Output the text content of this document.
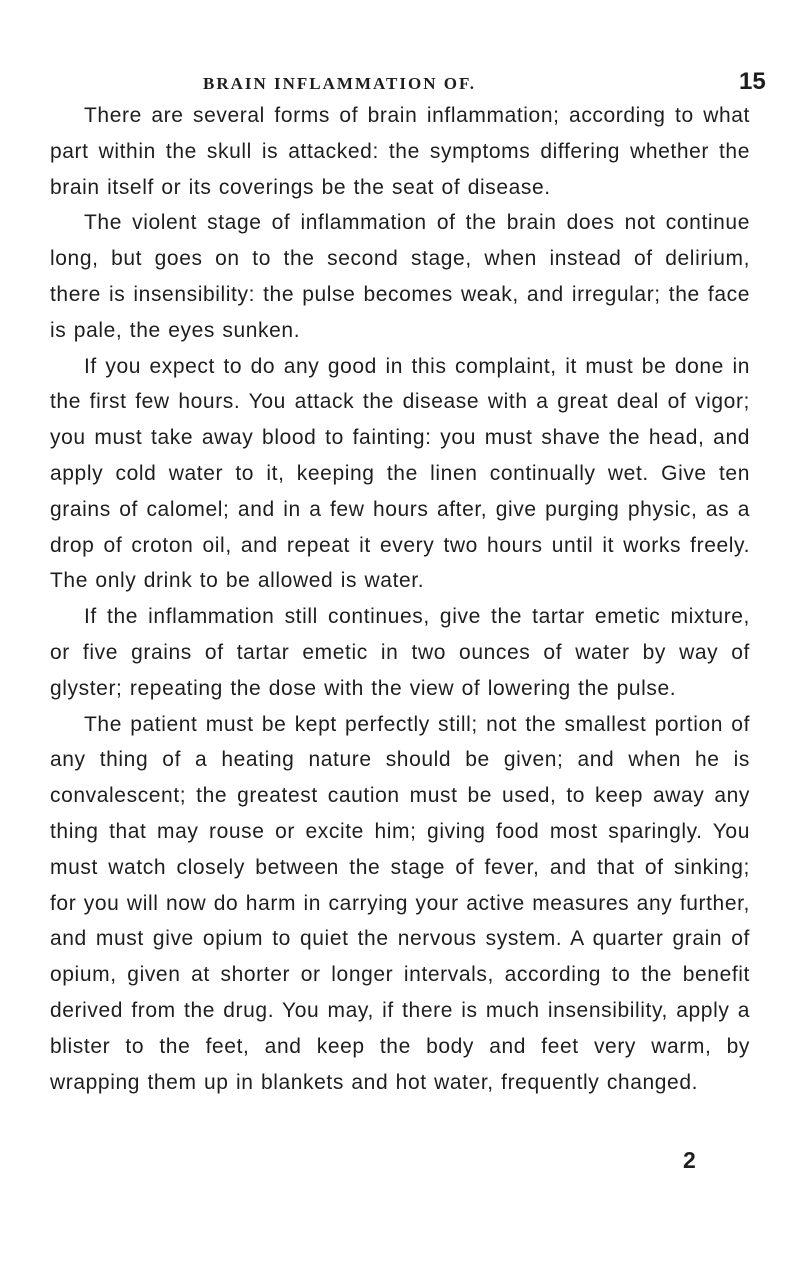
BRAIN INFLAMMATION OF.	15

There are several forms of brain inflammation; according to what part within the skull is attacked: the symptoms differing whether the brain itself or its coverings be the seat of disease.

The violent stage of inflammation of the brain does not continue long, but goes on to the second stage, when instead of delirium, there is insensibility: the pulse becomes weak, and irregular; the face is pale, the eyes sunken.

If you expect to do any good in this complaint, it must be done in the first few hours. You attack the disease with a great deal of vigor; you must take away blood to fainting: you must shave the head, and apply cold water to it, keeping the linen continually wet. Give ten grains of calomel; and in a few hours after, give purging physic, as a drop of croton oil, and repeat it every two hours until it works freely. The only drink to be allowed is water.

If the inflammation still continues, give the tartar emetic mixture, or five grains of tartar emetic in two ounces of water by way of glyster; repeating the dose with the view of lowering the pulse.

The patient must be kept perfectly still; not the smallest portion of any thing of a heating nature should be given; and when he is convalescent; the greatest caution must be used, to keep away any thing that may rouse or excite him; giving food most sparingly. You must watch closely between the stage of fever, and that of sinking; for you will now do harm in carrying your active measures any further, and must give opium to quiet the nervous system. A quarter grain of opium, given at shorter or longer intervals, according to the benefit derived from the drug. You may, if there is much insensibility, apply a blister to the feet, and keep the body and feet very warm, by wrapping them up in blankets and hot water, frequently changed.

2
